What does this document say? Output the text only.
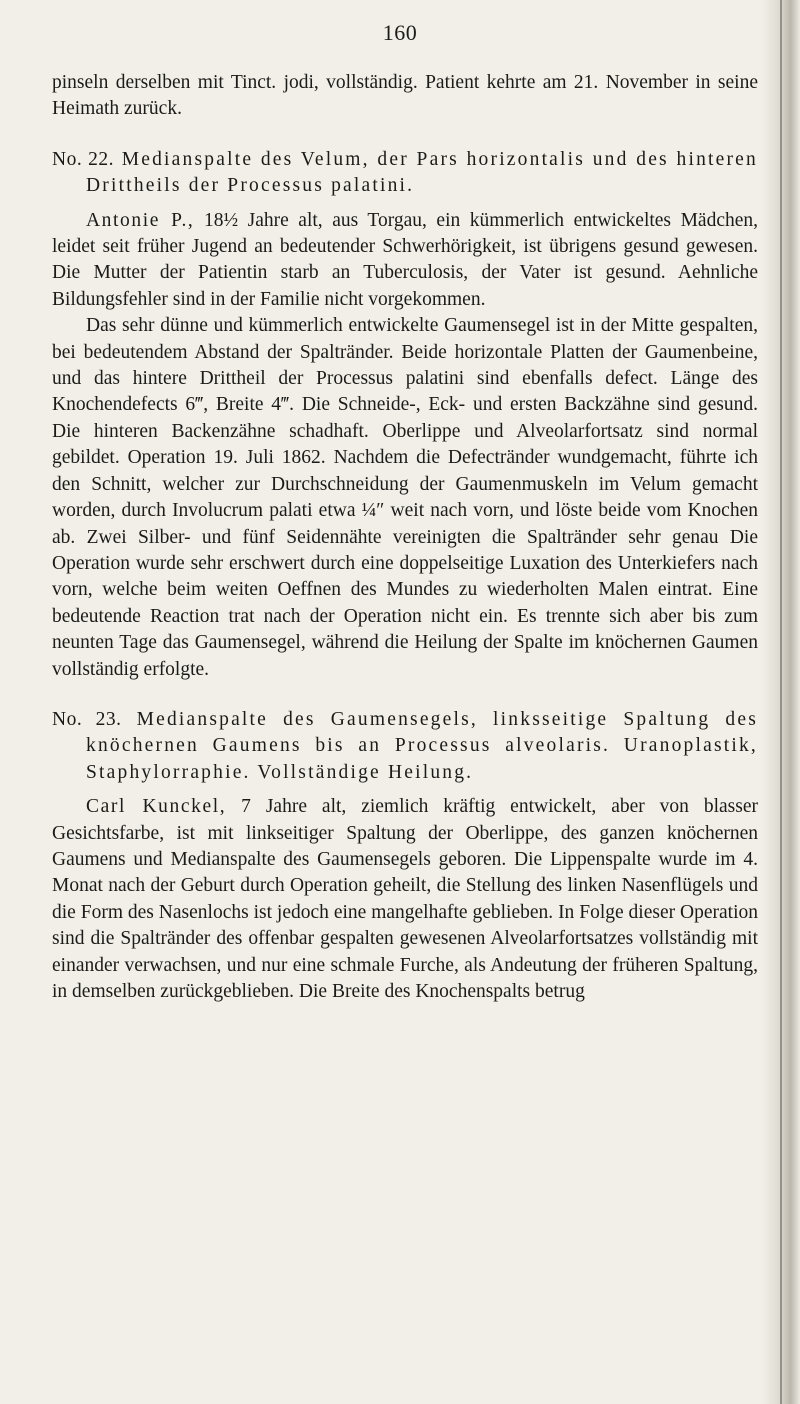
160

pinseln derselben mit Tinct. jodi, vollständig. Patient kehrte am 21. November in seine Heimath zurück.

No. 22. Medianspalte des Velum, der Pars horizontalis und des hinteren Drittheils der Processus palatini.

Antonie P., 18½ Jahre alt, aus Torgau, ein kümmerlich entwickeltes Mädchen, leidet seit früher Jugend an bedeutender Schwerhörigkeit, ist übrigens gesund gewesen. Die Mutter der Patientin starb an Tuberculosis, der Vater ist gesund. Aehnliche Bildungsfehler sind in der Familie nicht vorgekommen.

Das sehr dünne und kümmerlich entwickelte Gaumensegel ist in der Mitte gespalten, bei bedeutendem Abstand der Spaltränder. Beide horizontale Platten der Gaumenbeine, und das hintere Drittheil der Processus palatini sind ebenfalls defect. Länge des Knochendefects 6‴, Breite 4‴. Die Schneide-, Eck- und ersten Backzähne sind gesund. Die hinteren Backenzähne schadhaft. Oberlippe und Alveolarfortsatz sind normal gebildet. Operation 19. Juli 1862. Nachdem die Defectränder wundgemacht, führte ich den Schnitt, welcher zur Durchschneidung der Gaumenmuskeln im Velum gemacht worden, durch Involucrum palati etwa ¼″ weit nach vorn, und löste beide vom Knochen ab. Zwei Silber- und fünf Seidennähte vereinigten die Spaltränder sehr genau Die Operation wurde sehr erschwert durch eine doppelseitige Luxation des Unterkiefers nach vorn, welche beim weiten Oeffnen des Mundes zu wiederholten Malen eintrat. Eine bedeutende Reaction trat nach der Operation nicht ein. Es trennte sich aber bis zum neunten Tage das Gaumensegel, während die Heilung der Spalte im knöchernen Gaumen vollständig erfolgte.

No. 23. Medianspalte des Gaumensegels, linksseitige Spaltung des knöchernen Gaumens bis an Processus alveolaris. Uranoplastik, Staphylorraphie. Vollständige Heilung.

Carl Kunckel, 7 Jahre alt, ziemlich kräftig entwickelt, aber von blasser Gesichtsfarbe, ist mit linkseitiger Spaltung der Oberlippe, des ganzen knöchernen Gaumens und Medianspalte des Gaumensegels geboren. Die Lippenspalte wurde im 4. Monat nach der Geburt durch Operation geheilt, die Stellung des linken Nasenflügels und die Form des Nasenlochs ist jedoch eine mangelhafte geblieben. In Folge dieser Operation sind die Spaltränder des offenbar gespalten gewesenen Alveolarfortsatzes vollständig mit einander verwachsen, und nur eine schmale Furche, als Andeutung der früheren Spaltung, in demselben zurückgeblieben. Die Breite des Knochenspalts betrug
